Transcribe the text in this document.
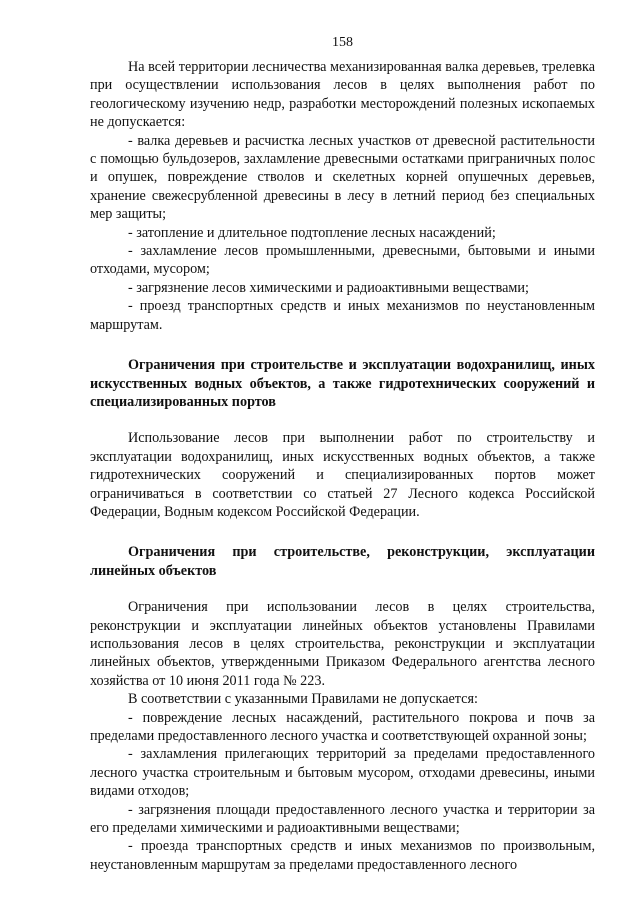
158

На всей территории лесничества механизированная валка деревьев, трелевка при осуществлении использования лесов в целях выполнения работ по геологическому изучению недр, разработки месторождений полезных ископаемых не допускается:

- валка деревьев и расчистка лесных участков от древесной растительности с помощью бульдозеров, захламление древесными остатками приграничных полос и опушек, повреждение стволов и скелетных корней опушечных деревьев, хранение свежесрубленной древесины в лесу в летний период без специальных мер защиты;

- затопление и длительное подтопление лесных насаждений;

- захламление лесов промышленными, древесными, бытовыми и иными отходами, мусором;

- загрязнение лесов химическими и радиоактивными веществами;

- проезд транспортных средств и иных механизмов по неустановленным маршрутам.

Ограничения при строительстве и эксплуатации водохранилищ, иных искусственных водных объектов, а также гидротехнических сооружений и специализированных портов

Использование лесов при выполнении работ по строительству и эксплуатации водохранилищ, иных искусственных водных объектов, а также гидротехнических сооружений и специализированных портов может ограничиваться в соответствии со статьей 27 Лесного кодекса Российской Федерации, Водным кодексом Российской Федерации.

Ограничения при строительстве, реконструкции, эксплуатации линейных объектов

Ограничения при использовании лесов в целях строительства, реконструкции и эксплуатации линейных объектов установлены Правилами использования лесов в целях строительства, реконструкции и эксплуатации линейных объектов, утвержденными Приказом Федерального агентства лесного хозяйства от 10 июня 2011 года № 223.

В соответствии с указанными Правилами не допускается:

- повреждение лесных насаждений, растительного покрова и почв за пределами предоставленного лесного участка и соответствующей охранной зоны;

- захламления прилегающих территорий за пределами предоставленного лесного участка строительным и бытовым мусором, отходами древесины, иными видами отходов;

- загрязнения площади предоставленного лесного участка и территории за его пределами химическими и радиоактивными веществами;

- проезда транспортных средств и иных механизмов по произвольным, неустановленным маршрутам за пределами предоставленного лесного
